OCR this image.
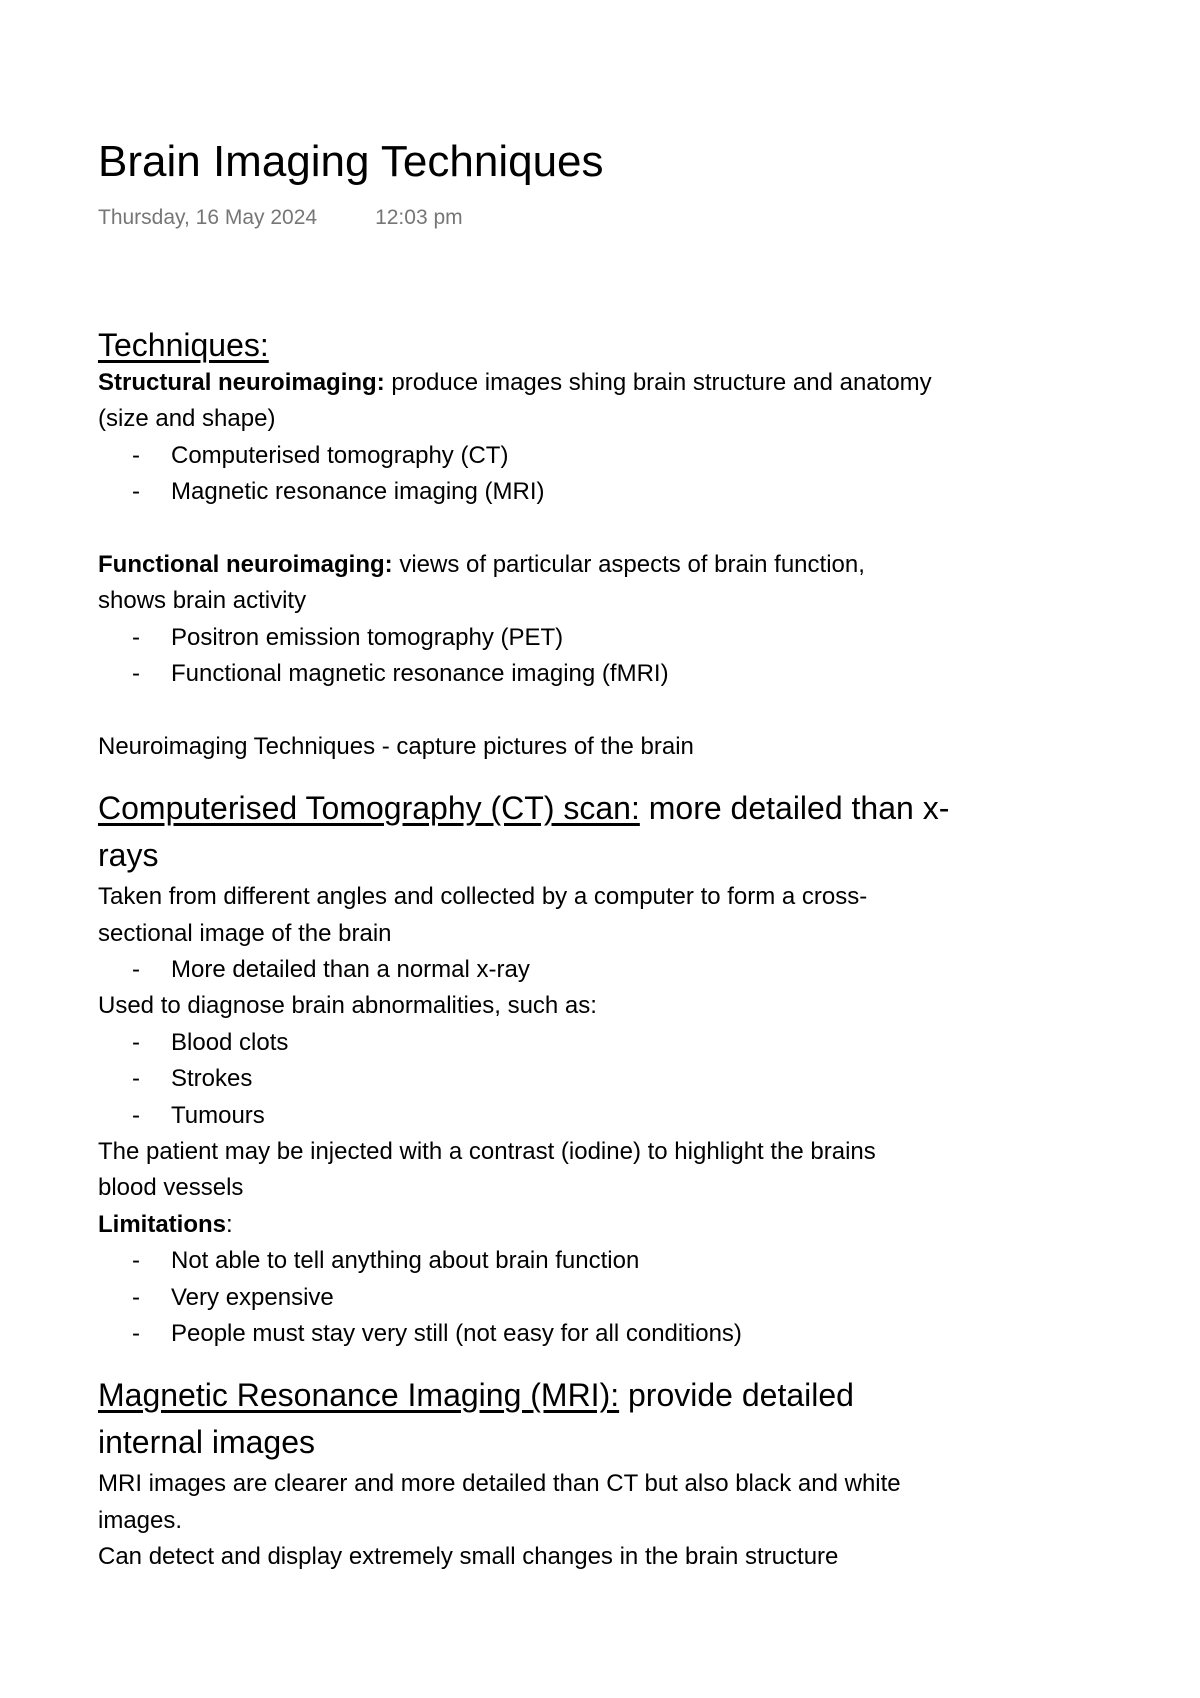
Brain Imaging Techniques
Thursday, 16 May 2024	12:03 pm
Techniques:
Structural neuroimaging: produce images shing brain structure and anatomy
(size and shape)
- Computerised tomography (CT)
- Magnetic resonance imaging (MRI)
Functional neuroimaging: views of particular aspects of brain function,
shows brain activity
- Positron emission tomography (PET)
- Functional magnetic resonance imaging (fMRI)
Neuroimaging Techniques - capture pictures of the brain
Computerised Tomography (CT) scan: more detailed than x-
rays
Taken from different angles and collected by a computer to form a cross-
sectional image of the brain
- More detailed than a normal x-ray
Used to diagnose brain abnormalities, such as:
- Blood clots
- Strokes
- Tumours
The patient may be injected with a contrast (iodine) to highlight the brains
blood vessels
Limitations:
- Not able to tell anything about brain function
- Very expensive
- People must stay very still (not easy for all conditions)
Magnetic Resonance Imaging (MRI): provide detailed
internal images
MRI images are clearer and more detailed than CT but also black and white
images.
Can detect and display extremely small changes in the brain structure
